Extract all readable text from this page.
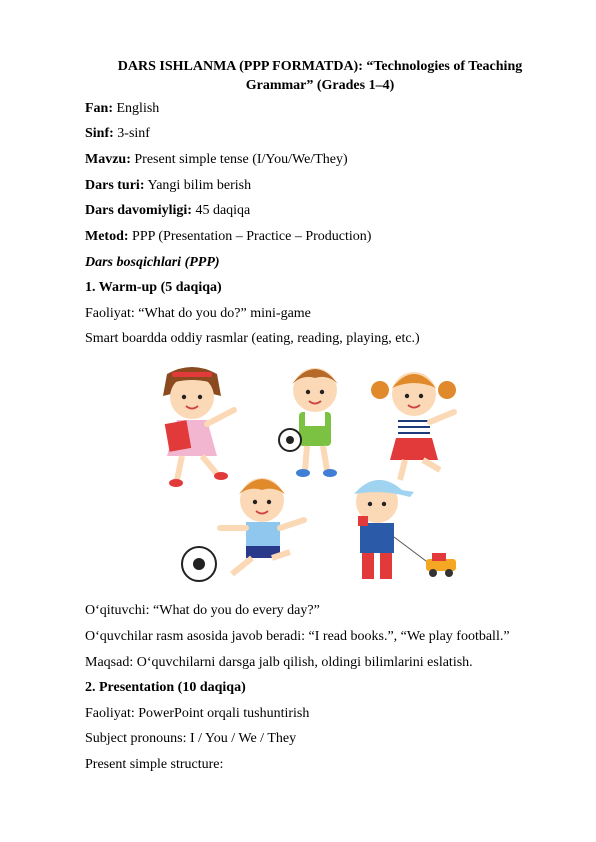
DARS ISHLANMA (PPP FORMATDA): “Technologies of Teaching Grammar” (Grades 1–4)
Fan: English
Sinf: 3-sinf
Mavzu: Present simple tense (I/You/We/They)
Dars turi: Yangi bilim berish
Dars davomiyligi: 45 daqiqa
Metod: PPP (Presentation – Practice – Production)
Dars bosqichlari (PPP)
1. Warm-up (5 daqiqa)
Faoliyat: “What do you do?” mini-game
Smart boardda oddiy rasmlar (eating, reading, playing, etc.)
O‘qituvchi: “What do you do every day?”
O‘quvchilar rasm asosida javob beradi: “I read books.”, “We play football.”
Maqsad: O‘quvchilarni darsga jalb qilish, oldingi bilimlarini eslatish.
2. Presentation (10 daqiqa)
Faoliyat: PowerPoint orqali tushuntirish
Subject pronouns: I / You / We / They
Present simple structure:
